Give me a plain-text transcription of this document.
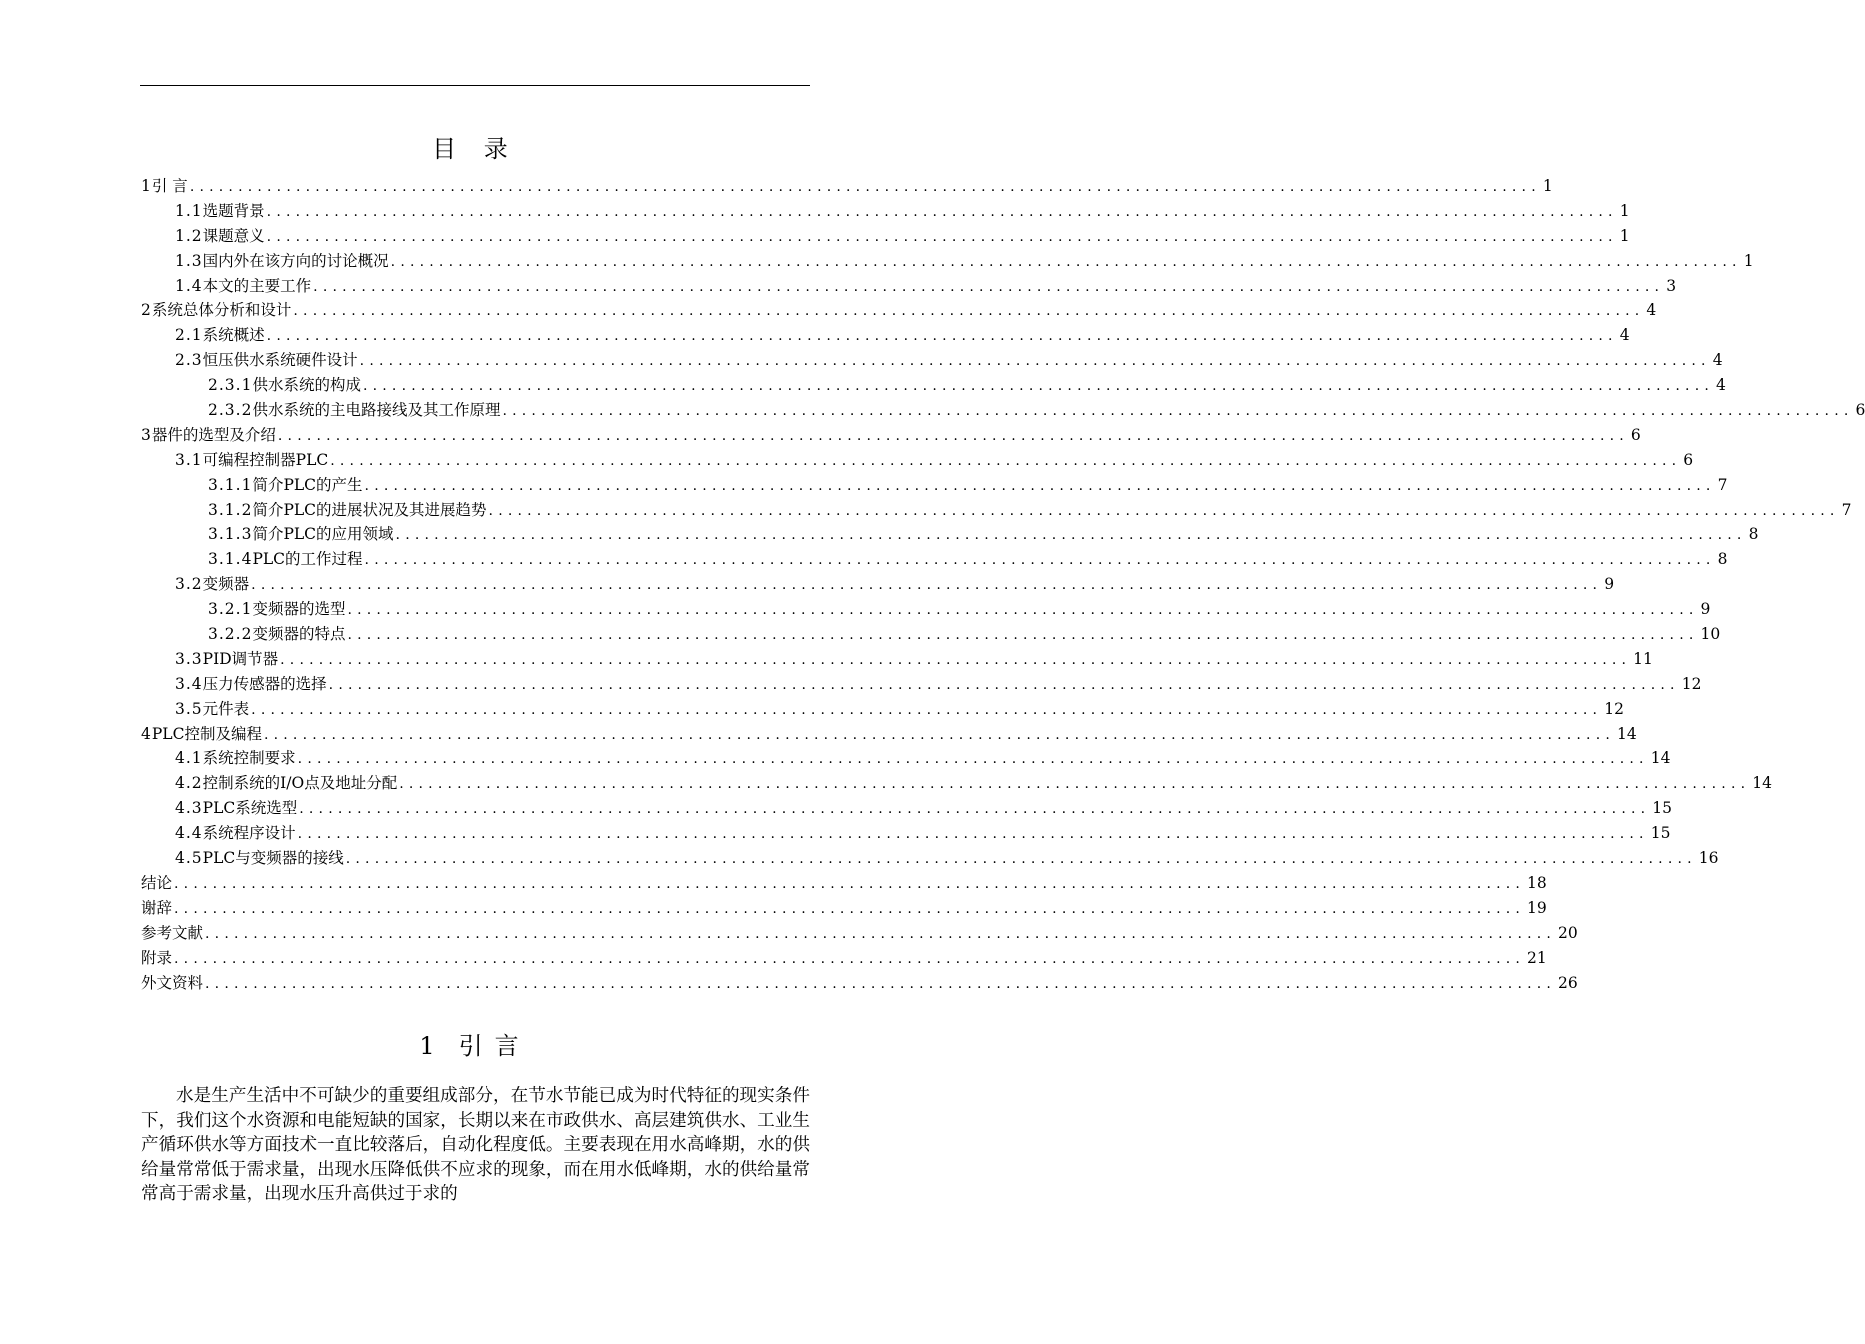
目 录
1 引 言 ............................................................................................................................................ 1
1.1 选题背景 ............................................................................................................................................ 1
1.2 课题意义 ............................................................................................................................................ 1
1.3 国内外在该方向的讨论概况 ............................................................................................................................................ 1
1.4 本文的主要工作 ............................................................................................................................................ 3
2 系统总体分析和设计 ............................................................................................................................................ 4
2.1 系统概述 ............................................................................................................................................ 4
2.3 恒压供水系统硬件设计 ............................................................................................................................................ 4
2.3.1 供水系统的构成 ............................................................................................................................................ 4
2.3.2 供水系统的主电路接线及其工作原理 ............................................................................................................................................ 6
3 器件的选型及介绍 ............................................................................................................................................ 6
3.1 可编程控制器PLC ............................................................................................................................................ 6
3.1.1 简介PLC的产生 ............................................................................................................................................ 7
3.1.2 简介PLC的进展状况及其进展趋势 ............................................................................................................................................ 7
3.1.3 简介PLC的应用领域 ............................................................................................................................................ 8
3.1.4 PLC的工作过程 ............................................................................................................................................ 8
3.2 变频器 ............................................................................................................................................ 9
3.2.1 变频器的选型 ............................................................................................................................................ 9
3.2.2 变频器的特点 ............................................................................................................................................ 10
3.3 PID调节器 ............................................................................................................................................ 11
3.4 压力传感器的选择 ............................................................................................................................................ 12
3.5 元件表 ............................................................................................................................................ 12
4 PLC控制及编程 ............................................................................................................................................ 14
4.1 系统控制要求 ............................................................................................................................................ 14
4.2 控制系统的I/O点及地址分配 ............................................................................................................................................ 14
4.3 PLC系统选型 ............................................................................................................................................ 15
4.4 系统程序设计 ............................................................................................................................................ 15
4.5 PLC与变频器的接线 ............................................................................................................................................ 16
结论 ............................................................................................................................................ 18
谢辞 ............................................................................................................................................ 19
参考文献 ............................................................................................................................................ 20
附录 ............................................................................................................................................ 21
外文资料 ............................................................................................................................................ 26
1 引言

水是生产生活中不可缺少的重要组成部分，在节水节能已成为时代特征的现实条件下，我们这个水资源和电能短缺的国家，长期以来在市政供水、高层建筑供水、工业生产循环供水等方面技术一直比较落后，自动化程度低。主要表现在用水高峰期，水的供给量常常低于需求量，出现水压降低供不应求的现象，而在用水低峰期，水的供给量常常高于需求量，出现水压升高供过于求的
